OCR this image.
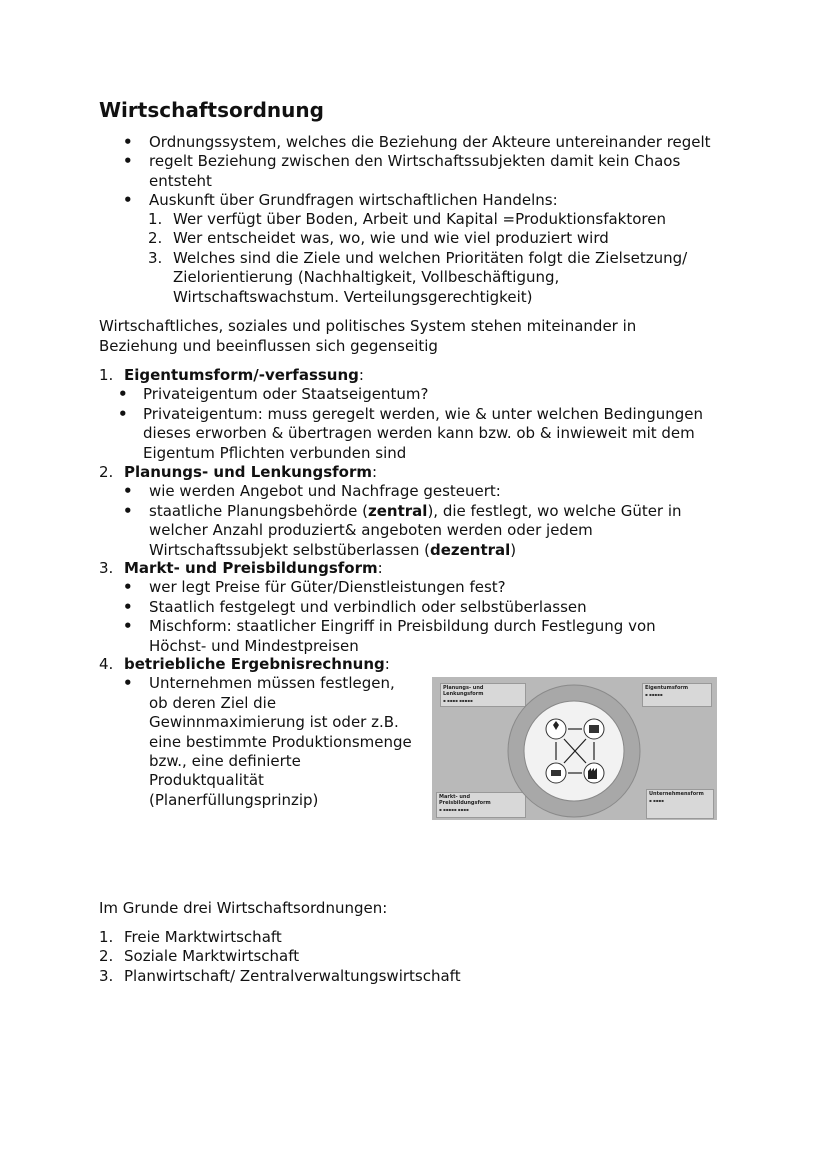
Wirtschaftsordnung
• Ordnungssystem, welches die Beziehung der Akteure untereinander regelt
• regelt Beziehung zwischen den Wirtschaftssubjekten damit kein Chaos
entsteht
• Auskunft über Grundfragen wirtschaftlichen Handelns:
1. Wer verfügt über Boden, Arbeit und Kapital =Produktionsfaktoren
2. Wer entscheidet was, wo, wie und wie viel produziert wird
3. Welches sind die Ziele und welchen Prioritäten folgt die Zielsetzung/
Zielorientierung (Nachhaltigkeit, Vollbeschäftigung,
Wirtschaftswachstum. Verteilungsgerechtigkeit)

Wirtschaftliches, soziales und politisches System stehen miteinander in

Beziehung und beeinflussen sich gegenseitig

1. Eigentumsform/-verfassung:
• Privateigentum oder Staatseigentum?
• Privateigentum: muss geregelt werden, wie & unter welchen Bedingungen
dieses erworben & übertragen werden kann bzw. ob & inwieweit mit dem
Eigentum Pflichten verbunden sind
2. Planungs- und Lenkungsform:
• wie werden Angebot und Nachfrage gesteuert:
• staatliche Planungsbehörde (zentral), die festlegt, wo welche Güter in
welcher Anzahl produziert& angeboten werden oder jedem
Wirtschaftssubjekt selbstüberlassen (dezentral)
3. Markt- und Preisbildungsform:
• wer legt Preise für Güter/Dienstleistungen fest?
• Staatlich festgelegt und verbindlich oder selbstüberlassen
• Mischform: staatlicher Eingriff in Preisbildung durch Festlegung von
Höchst- und Mindestpreisen
4. betriebliche Ergebnisrechnung:
• Unternehmen müssen festlegen,
ob deren Ziel die
Gewinnmaximierung ist oder z.B.
eine bestimmte Produktionsmenge
bzw., eine definierte
Produktqualität
(Planerfüllungsprinzip)
Planungs- und Lenkungsform
▪ ▪▪▪▪ ▪▪▪▪▪
Eigentumsform
▪ ▪▪▪▪▪
Markt- und Preisbildungsform
▪ ▪▪▪▪▪ ▪▪▪▪
Unternehmensform
▪ ▪▪▪▪

Im Grunde drei Wirtschaftsordnungen:

1. Freie Marktwirtschaft
2. Soziale Marktwirtschaft
3. Planwirtschaft/ Zentralverwaltungswirtschaft
